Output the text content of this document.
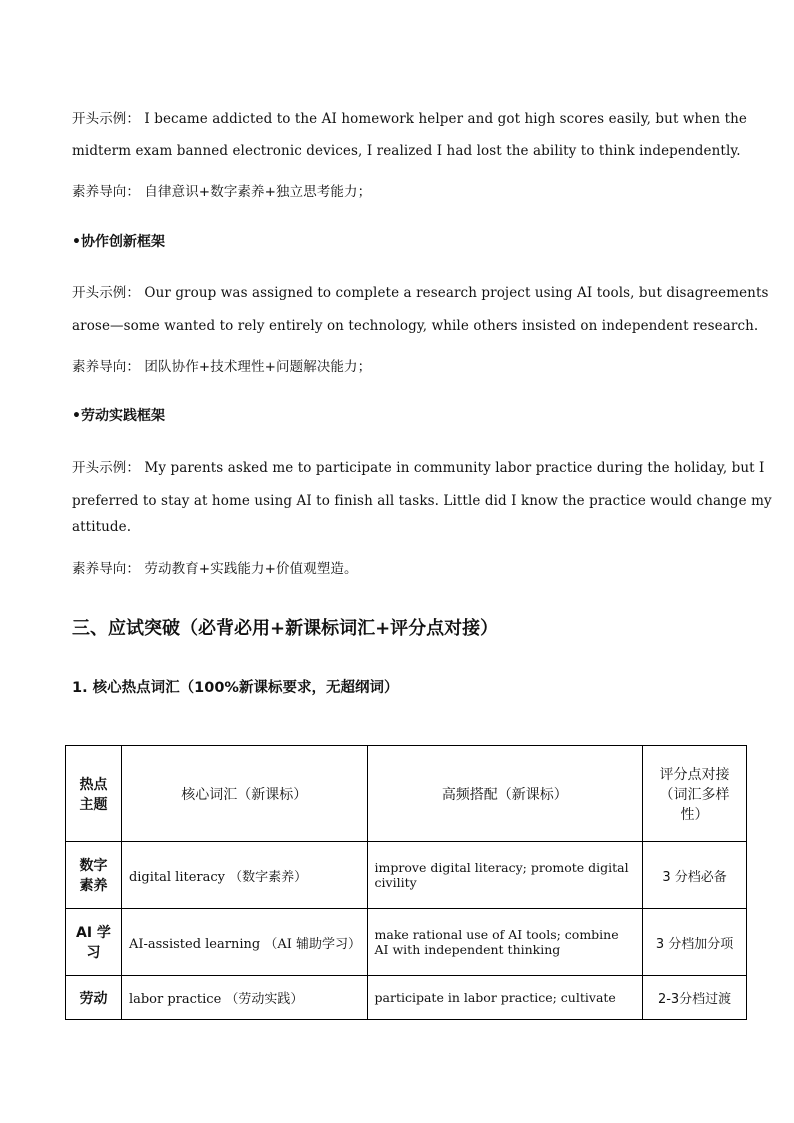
开头示例： I became addicted to the AI homework helper and got high scores easily, but when the
midterm exam banned electronic devices, I realized I had lost the ability to think independently.
素养导向： 自律意识+数字素养+独立思考能力；
•协作创新框架
开头示例： Our group was assigned to complete a research project using AI tools, but disagreements
arose—some wanted to rely entirely on technology, while others insisted on independent research.
素养导向： 团队协作+技术理性+问题解决能力；
•劳动实践框架
开头示例： My parents asked me to participate in community labor practice during the holiday, but I
preferred to stay at home using AI to finish all tasks. Little did I know the practice would change my
attitude.
素养导向： 劳动教育+实践能力+价值观塑造。
三、应试突破（必背必用+新课标词汇+评分点对接）
1. 核心热点词汇（100%新课标要求，无超纲词）
热点主题	核心词汇（新课标）	高频搭配（新课标）	评分点对接（词汇多样性）
数字素养	digital literacy （数字素养）	improve digital literacy; promote digital civility	3 分档必备
AI 学习	AI-assisted learning （AI 辅助学习）	make rational use of AI tools; combine AI with independent thinking	3 分档加分项
劳动	labor practice （劳动实践）	participate in labor practice; cultivate	2-3分档过渡
